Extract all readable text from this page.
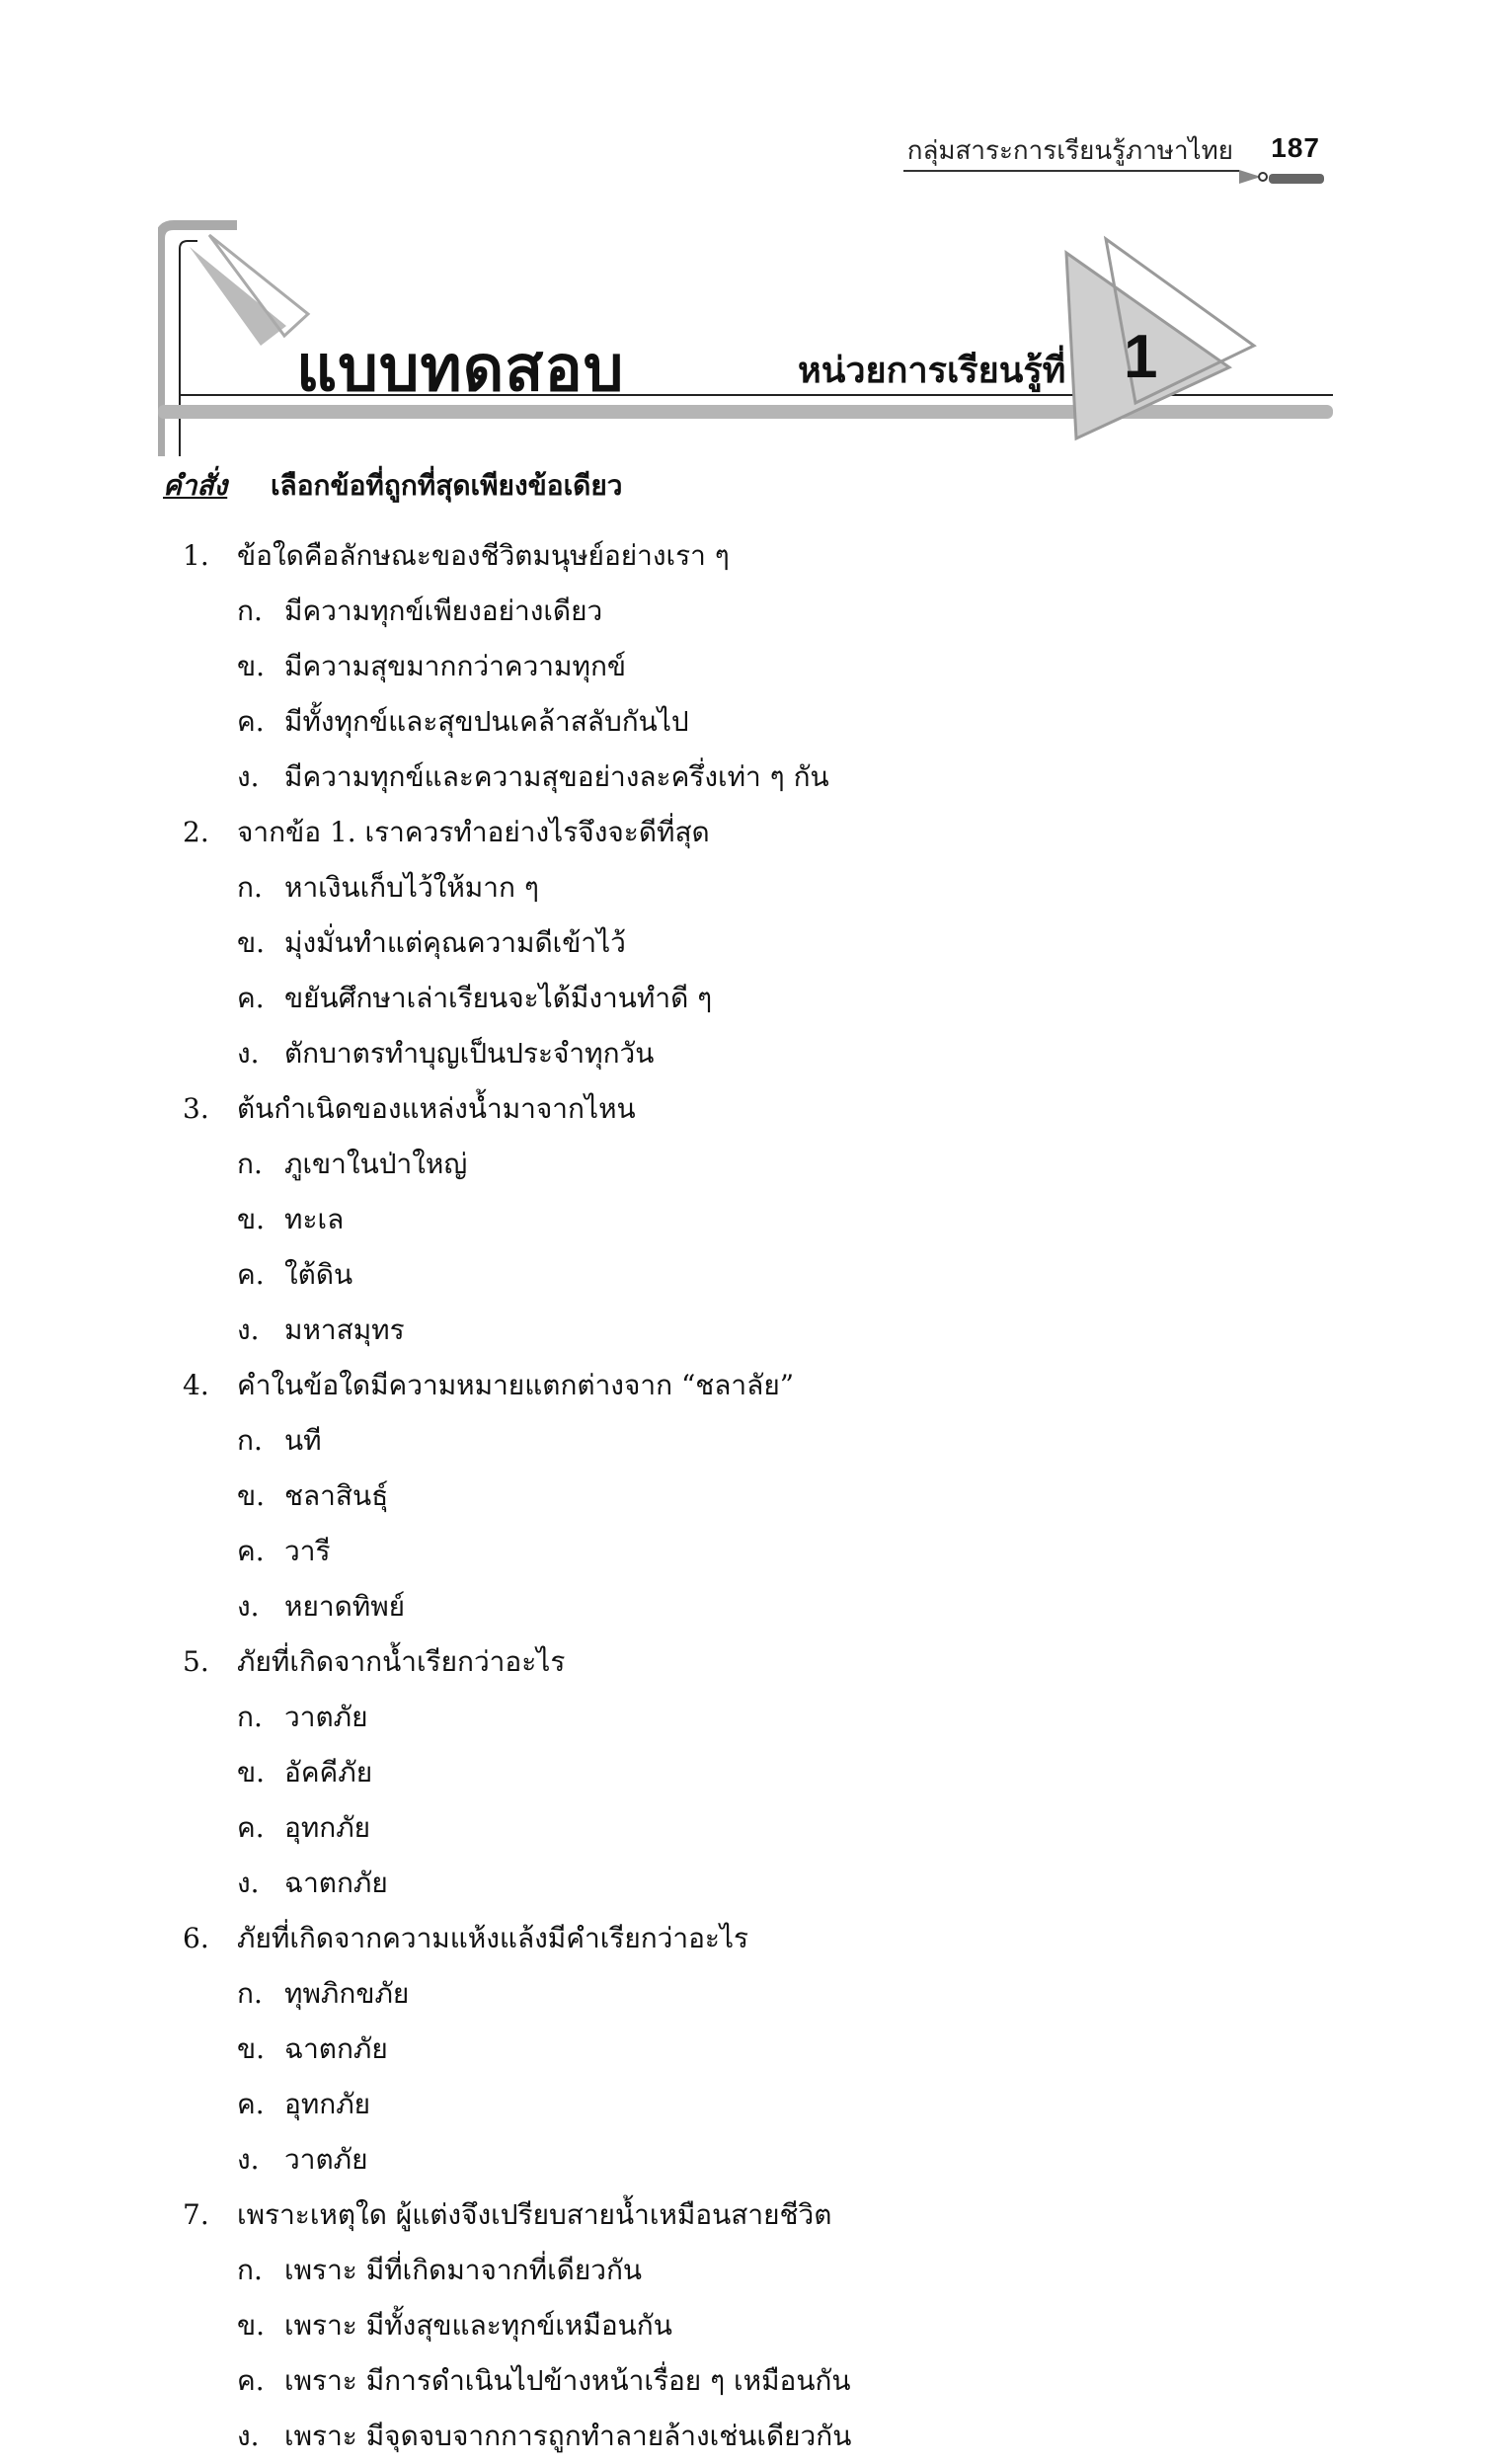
กลุ่มสาระการเรียนรู้ภาษาไทย 187
แบบทดสอบ	หน่วยการเรียนรู้ที่ 1
คำสั่ง เลือกข้อที่ถูกที่สุดเพียงข้อเดียว
1.	ข้อใดคือลักษณะของชีวิตมนุษย์อย่างเรา ๆ
ก. มีความทุกข์เพียงอย่างเดียว
ข. มีความสุขมากกว่าความทุกข์
ค. มีทั้งทุกข์และสุขปนเคล้าสลับกันไป
ง. มีความทุกข์และความสุขอย่างละครึ่งเท่า ๆ กัน
2.	จากข้อ 1. เราควรทำอย่างไรจึงจะดีที่สุด
ก. หาเงินเก็บไว้ให้มาก ๆ
ข. มุ่งมั่นทำแต่คุณความดีเข้าไว้
ค. ขยันศึกษาเล่าเรียนจะได้มีงานทำดี ๆ
ง. ตักบาตรทำบุญเป็นประจำทุกวัน
3.	ต้นกำเนิดของแหล่งน้ำมาจากไหน
ก. ภูเขาในป่าใหญ่
ข. ทะเล
ค. ใต้ดิน
ง. มหาสมุทร
4.	คำในข้อใดมีความหมายแตกต่างจาก “ชลาลัย”
ก. นที
ข. ชลาสินธุ์
ค. วารี
ง. หยาดทิพย์
5.	ภัยที่เกิดจากน้ำเรียกว่าอะไร
ก. วาตภัย
ข. อัคคีภัย
ค. อุทกภัย
ง. ฉาตกภัย
6.	ภัยที่เกิดจากความแห้งแล้งมีคำเรียกว่าอะไร
ก. ทุพภิกขภัย
ข. ฉาตกภัย
ค. อุทกภัย
ง. วาตภัย
7.	เพราะเหตุใด ผู้แต่งจึงเปรียบสายน้ำเหมือนสายชีวิต
ก. เพราะ มีที่เกิดมาจากที่เดียวกัน
ข. เพราะ มีทั้งสุขและทุกข์เหมือนกัน
ค. เพราะ มีการดำเนินไปข้างหน้าเรื่อย ๆ เหมือนกัน
ง. เพราะ มีจุดจบจากการถูกทำลายล้างเช่นเดียวกัน
